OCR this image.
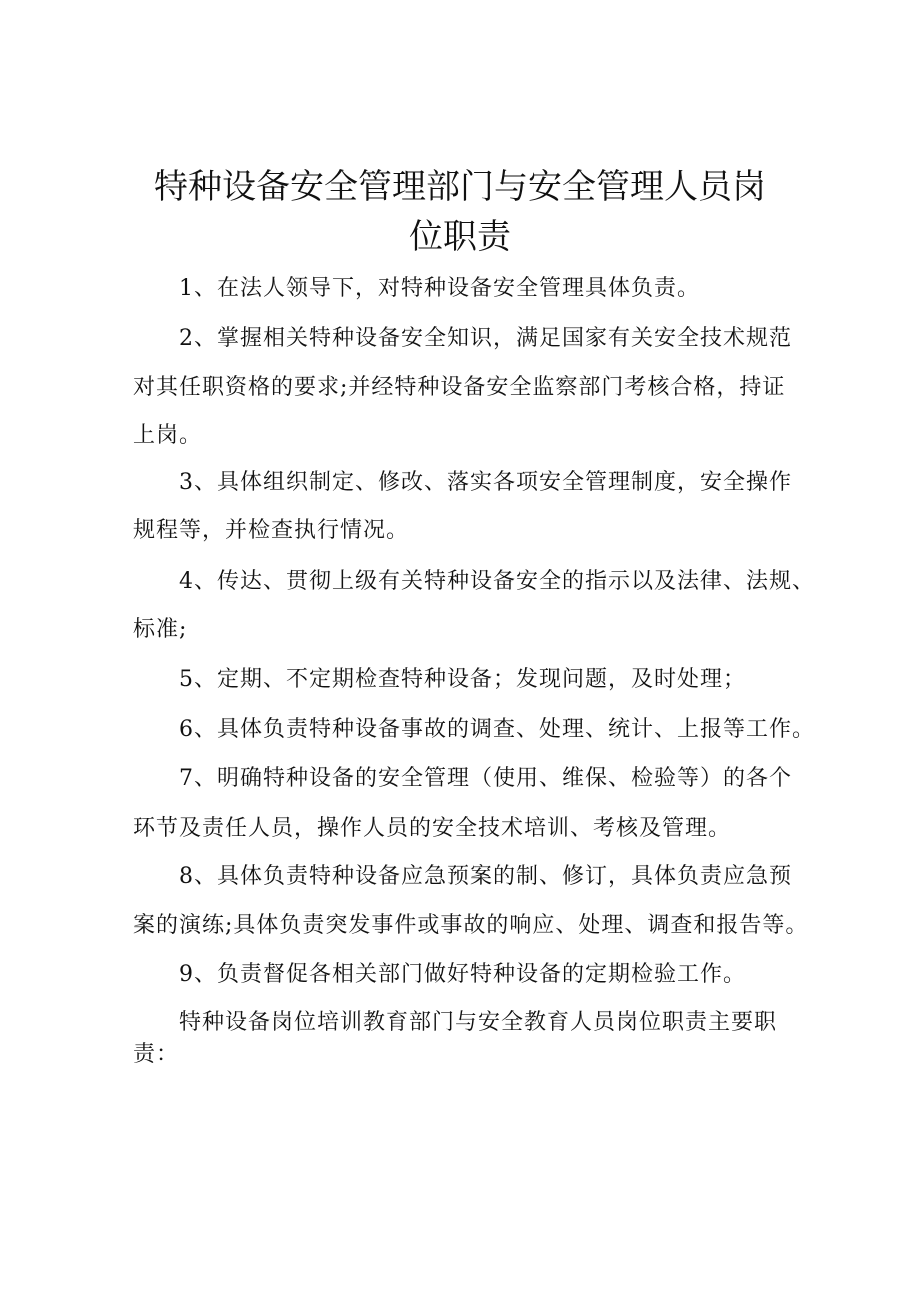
特种设备安全管理部门与安全管理人员岗
位职责
1、在法人领导下，对特种设备安全管理具体负责。
2、掌握相关特种设备安全知识，满足国家有关安全技术规范
对其任职资格的要求;并经特种设备安全监察部门考核合格，持证
上岗。
3、具体组织制定、修改、落实各项安全管理制度，安全操作
规程等，并检查执行情况。
4、传达、贯彻上级有关特种设备安全的指示以及法律、法规、
标准;
5、定期、不定期检查特种设备；发现问题，及时处理；
6、具体负责特种设备事故的调查、处理、统计、上报等工作。
7、明确特种设备的安全管理（使用、维保、检验等）的各个
环节及责任人员，操作人员的安全技术培训、考核及管理。
8、具体负责特种设备应急预案的制、修订，具体负责应急预
案的演练;具体负责突发事件或事故的响应、处理、调查和报告等。
9、负责督促各相关部门做好特种设备的定期检验工作。
特种设备岗位培训教育部门与安全教育人员岗位职责主要职
责：
